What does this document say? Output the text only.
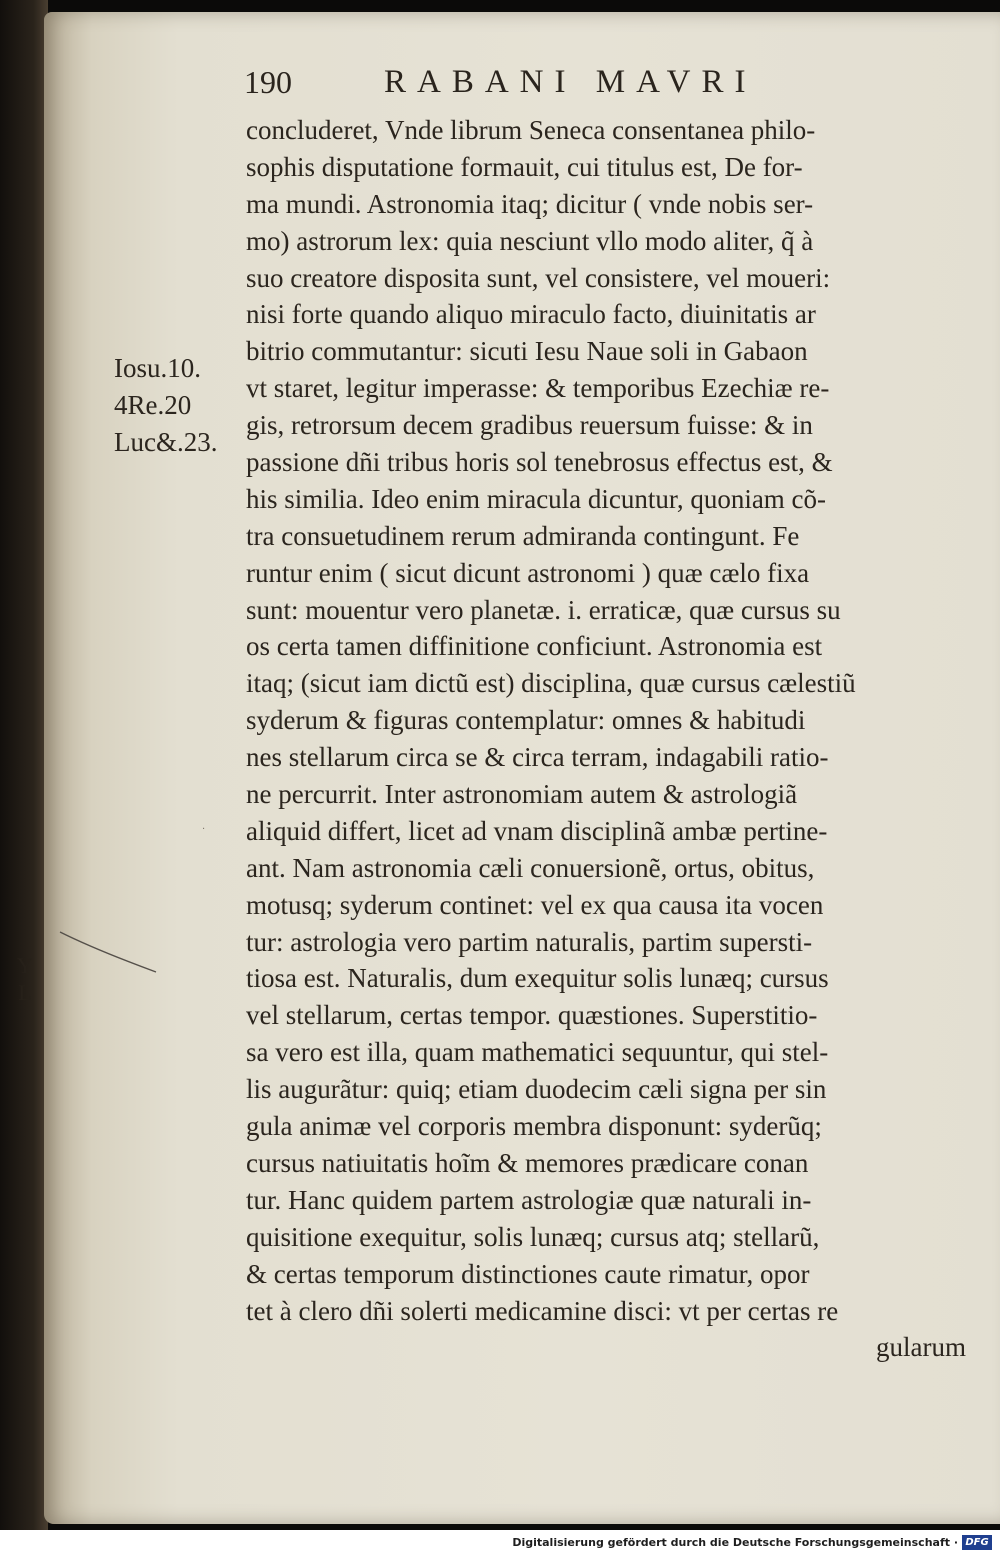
190	RABANI MAVRI
Iosu.10.
4Re.20
Luc&.23.
concluderet, Vnde librum Seneca consentanea philo-
sophis disputatione formauit, cui titulus est, De for-
ma mundi. Astronomia itaq; dicitur ( vnde nobis ser-
mo) astrorum lex: quia nesciunt vllo modo aliter, q̃ à
suo creatore disposita sunt, vel consistere, vel moueri:
nisi forte quando aliquo miraculo facto, diuinitatis ar
bitrio commutantur: sicuti Iesu Naue soli in Gabaon
vt staret, legitur imperasse: & temporibus Ezechiæ re-
gis, retrorsum decem gradibus reuersum fuisse: & in
passione dñi tribus horis sol tenebrosus effectus est, &
his similia. Ideo enim miracula dicuntur, quoniam cõ-
tra consuetudinem rerum admiranda contingunt. Fe
runtur enim ( sicut dicunt astronomi ) quæ cælo fixa
sunt: mouentur vero planetæ. i. erraticæ, quæ cursus su
os certa tamen diffinitione conficiunt. Astronomia est
itaq; (sicut iam dictũ est) disciplina, quæ cursus cælestiũ
syderum & figuras contemplatur: omnes & habitudi
nes stellarum circa se & circa terram, indagabili ratio-
ne percurrit. Inter astronomiam autem & astrologiã
aliquid differt, licet ad vnam disciplinã ambæ pertine-
ant. Nam astronomia cæli conuersionẽ, ortus, obitus,
motusq; syderum continet: vel ex qua causa ita vocen
tur: astrologia vero partim naturalis, partim supersti-
tiosa est. Naturalis, dum exequitur solis lunæq; cursus
vel stellarum, certas tempor. quæstiones. Superstitio-
sa vero est illa, quam mathematici sequuntur, qui stel-
lis augurãtur: quiq; etiam duodecim cæli signa per sin
gula animæ vel corporis membra disponunt: syderũq;
cursus natiuitatis hoĩm & memores prædicare conan
tur. Hanc quidem partem astrologiæ quæ naturali in-
quisitione exequitur, solis lunæq; cursus atq; stellarũ,
& certas temporum distinctiones caute rimatur, opor
tet à clero dñi solerti medicamine disci: vt per certas re
gularum
·
Y
L
Digitalisierung gefördert durch die Deutsche Forschungsgemeinschaft · DFG
